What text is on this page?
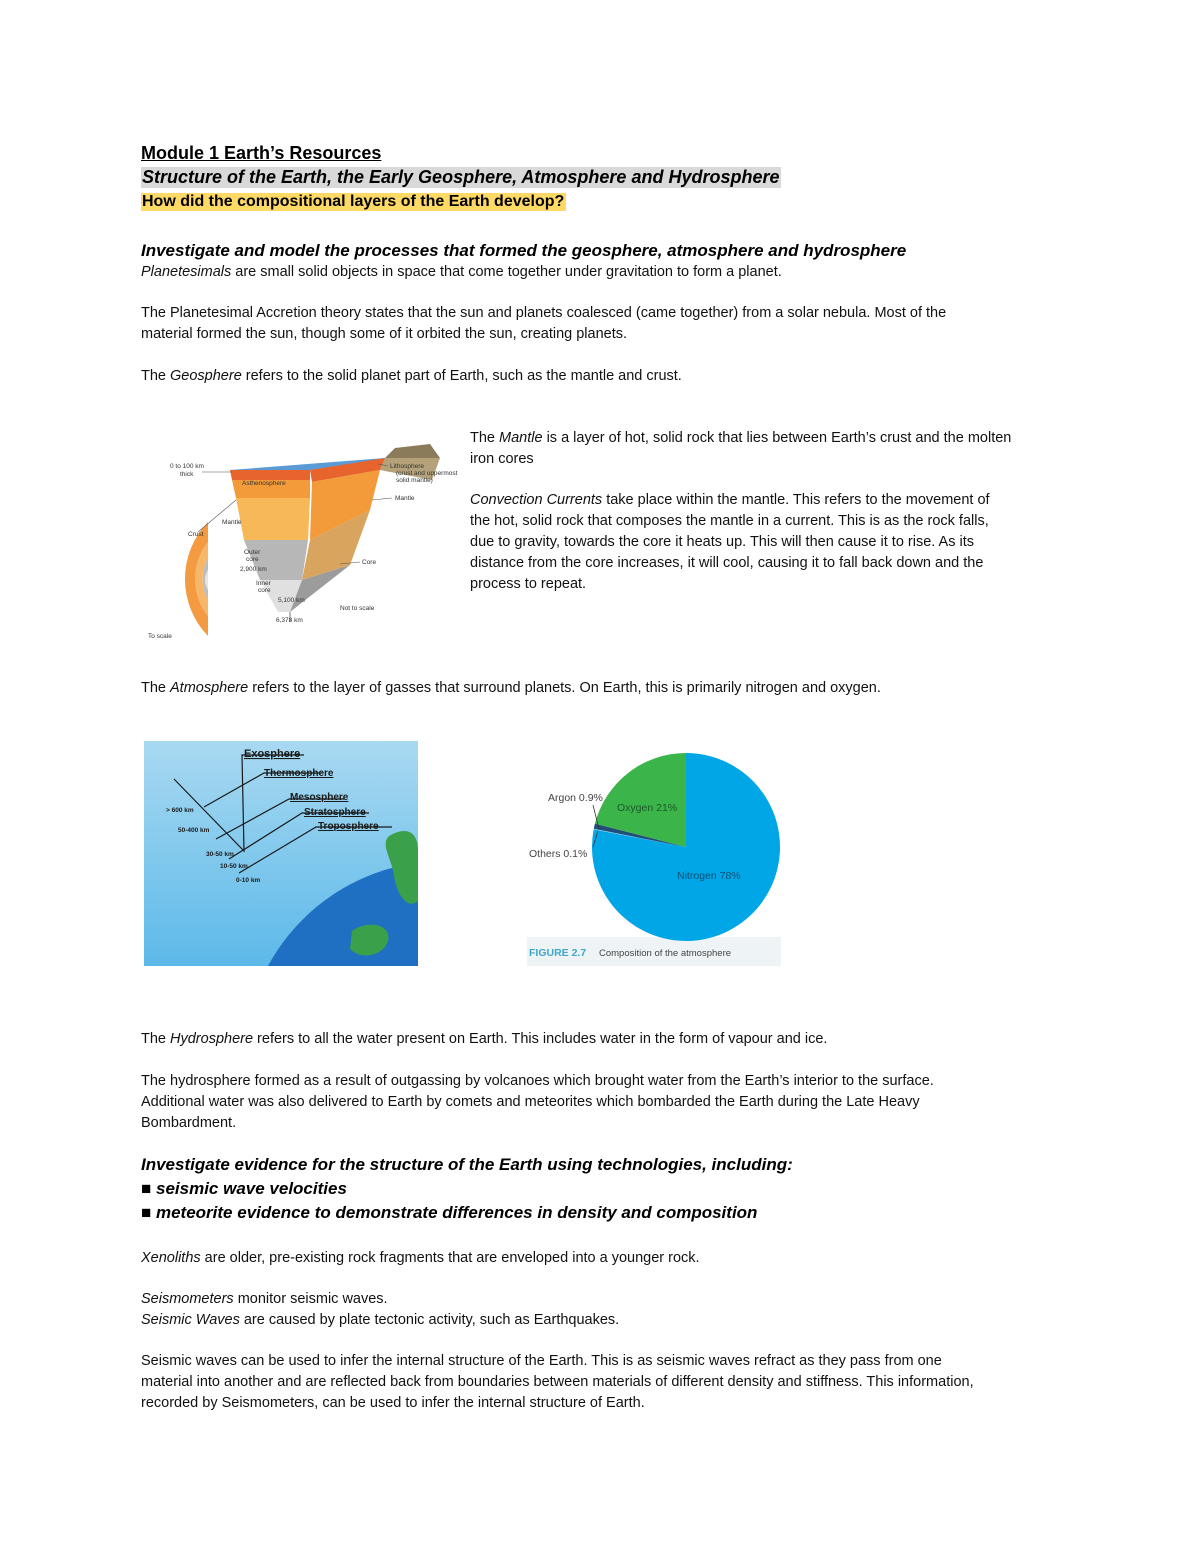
Module 1 Earth’s Resources
Structure of the Earth, the Early Geosphere, Atmosphere and Hydrosphere
How did the compositional layers of the Earth develop?
Investigate and model the processes that formed the geosphere, atmosphere and hydrosphere
Planetesimals are small solid objects in space that come together under gravitation to form a planet.
The Planetesimal Accretion theory states that the sun and planets coalesced (came together) from a solar nebula. Most of the
material formed the sun, though some of it orbited the sun, creating planets.
The Geosphere refers to the solid planet part of Earth, such as the mantle and crust.
0 to 100 km
thick
Asthenosphere
Lithosphere
(crust and uppermost
solid mantle)
Mantle
Mantle
Crust
Outer
core
Inner
core
Core
Not to scale
To scale
2,900 km
5,100 km
6,378 km
The Mantle is a layer of hot, solid rock that lies between Earth’s crust and the molten
iron cores
Convection Currents take place within the mantle. This refers to the movement of
the hot, solid rock that composes the mantle in a current. This is as the rock falls,
due to gravity, towards the core it heats up. This will then cause it to rise. As its
distance from the core increases, it will cool, causing it to fall back down and the
process to repeat.
The Atmosphere refers to the layer of gasses that surround planets. On Earth, this is primarily nitrogen and oxygen.
Exosphere
Thermosphere
Mesosphere
Stratosphere
Troposphere
> 600 km
50-400 km
30-50 km
10-50 km
0-10 km
Argon 0.9%
Others 0.1%
Oxygen 21%
Nitrogen 78%
FIGURE 2.7 Composition of the atmosphere
The Hydrosphere refers to all the water present on Earth. This includes water in the form of vapour and ice.
The hydrosphere formed as a result of outgassing by volcanoes which brought water from the Earth’s interior to the surface.
Additional water was also delivered to Earth by comets and meteorites which bombarded the Earth during the Late Heavy
Bombardment.
Investigate evidence for the structure of the Earth using technologies, including:
■ seismic wave velocities
■ meteorite evidence to demonstrate differences in density and composition
Xenoliths are older, pre-existing rock fragments that are enveloped into a younger rock.
Seismometers monitor seismic waves.
Seismic Waves are caused by plate tectonic activity, such as Earthquakes.
Seismic waves can be used to infer the internal structure of the Earth. This is as seismic waves refract as they pass from one
material into another and are reflected back from boundaries between materials of different density and stiffness. This information,
recorded by Seismometers, can be used to infer the internal structure of Earth.
